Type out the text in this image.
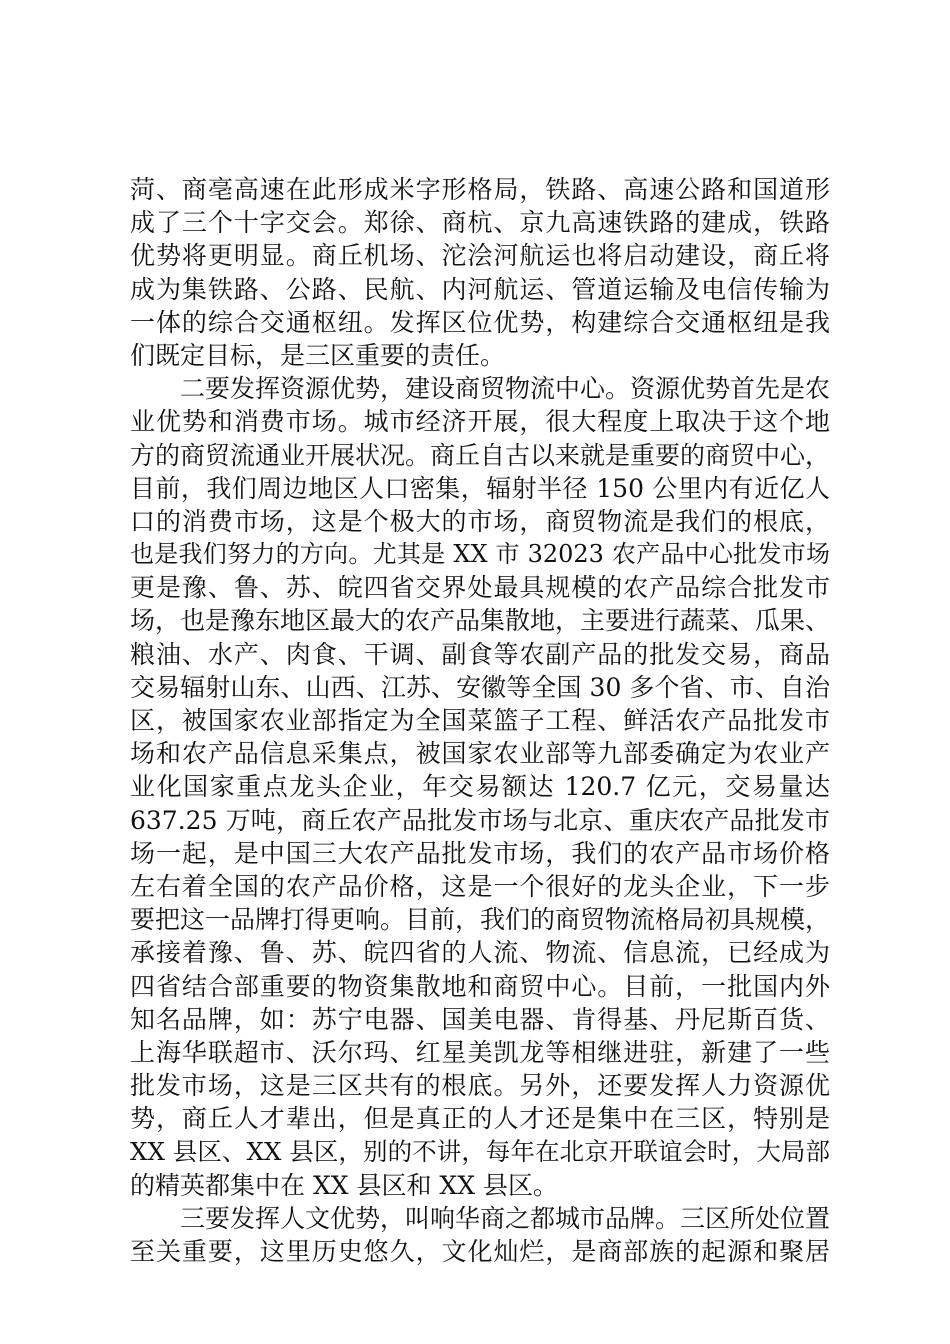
菏、商亳高速在此形成米字形格局，铁路、高速公路和国道形
成了三个十字交会。郑徐、商杭、京九高速铁路的建成，铁路
优势将更明显。商丘机场、沱浍河航运也将启动建设，商丘将
成为集铁路、公路、民航、内河航运、管道运输及电信传输为
一体的综合交通枢纽。发挥区位优势，构建综合交通枢纽是我
们既定目标，是三区重要的责任。
二要发挥资源优势，建设商贸物流中心。资源优势首先是农
业优势和消费市场。城市经济开展，很大程度上取决于这个地
方的商贸流通业开展状况。商丘自古以来就是重要的商贸中心，
目前，我们周边地区人口密集，辐射半径 150 公里内有近亿人
口的消费市场，这是个极大的市场，商贸物流是我们的根底，
也是我们努力的方向。尤其是 XX 市 32023 农产品中心批发市场
更是豫、鲁、苏、皖四省交界处最具规模的农产品综合批发市
场，也是豫东地区最大的农产品集散地，主要进行蔬菜、瓜果、
粮油、水产、肉食、干调、副食等农副产品的批发交易，商品
交易辐射山东、山西、江苏、安徽等全国 30 多个省、市、自治
区，被国家农业部指定为全国菜篮子工程、鲜活农产品批发市
场和农产品信息采集点，被国家农业部等九部委确定为农业产
业化国家重点龙头企业，年交易额达 120.7 亿元，交易量达
637.25 万吨，商丘农产品批发市场与北京、重庆农产品批发市
场一起，是中国三大农产品批发市场，我们的农产品市场价格
左右着全国的农产品价格，这是一个很好的龙头企业，下一步
要把这一品牌打得更响。目前，我们的商贸物流格局初具规模，
承接着豫、鲁、苏、皖四省的人流、物流、信息流，已经成为
四省结合部重要的物资集散地和商贸中心。目前，一批国内外
知名品牌，如：苏宁电器、国美电器、肯得基、丹尼斯百货、
上海华联超市、沃尔玛、红星美凯龙等相继进驻，新建了一些
批发市场，这是三区共有的根底。另外，还要发挥人力资源优
势，商丘人才辈出，但是真正的人才还是集中在三区，特别是
XX 县区、XX 县区，别的不讲，每年在北京开联谊会时，大局部
的精英都集中在 XX 县区和 XX 县区。
三要发挥人文优势，叫响华商之都城市品牌。三区所处位置
至关重要，这里历史悠久，文化灿烂，是商部族的起源和聚居
